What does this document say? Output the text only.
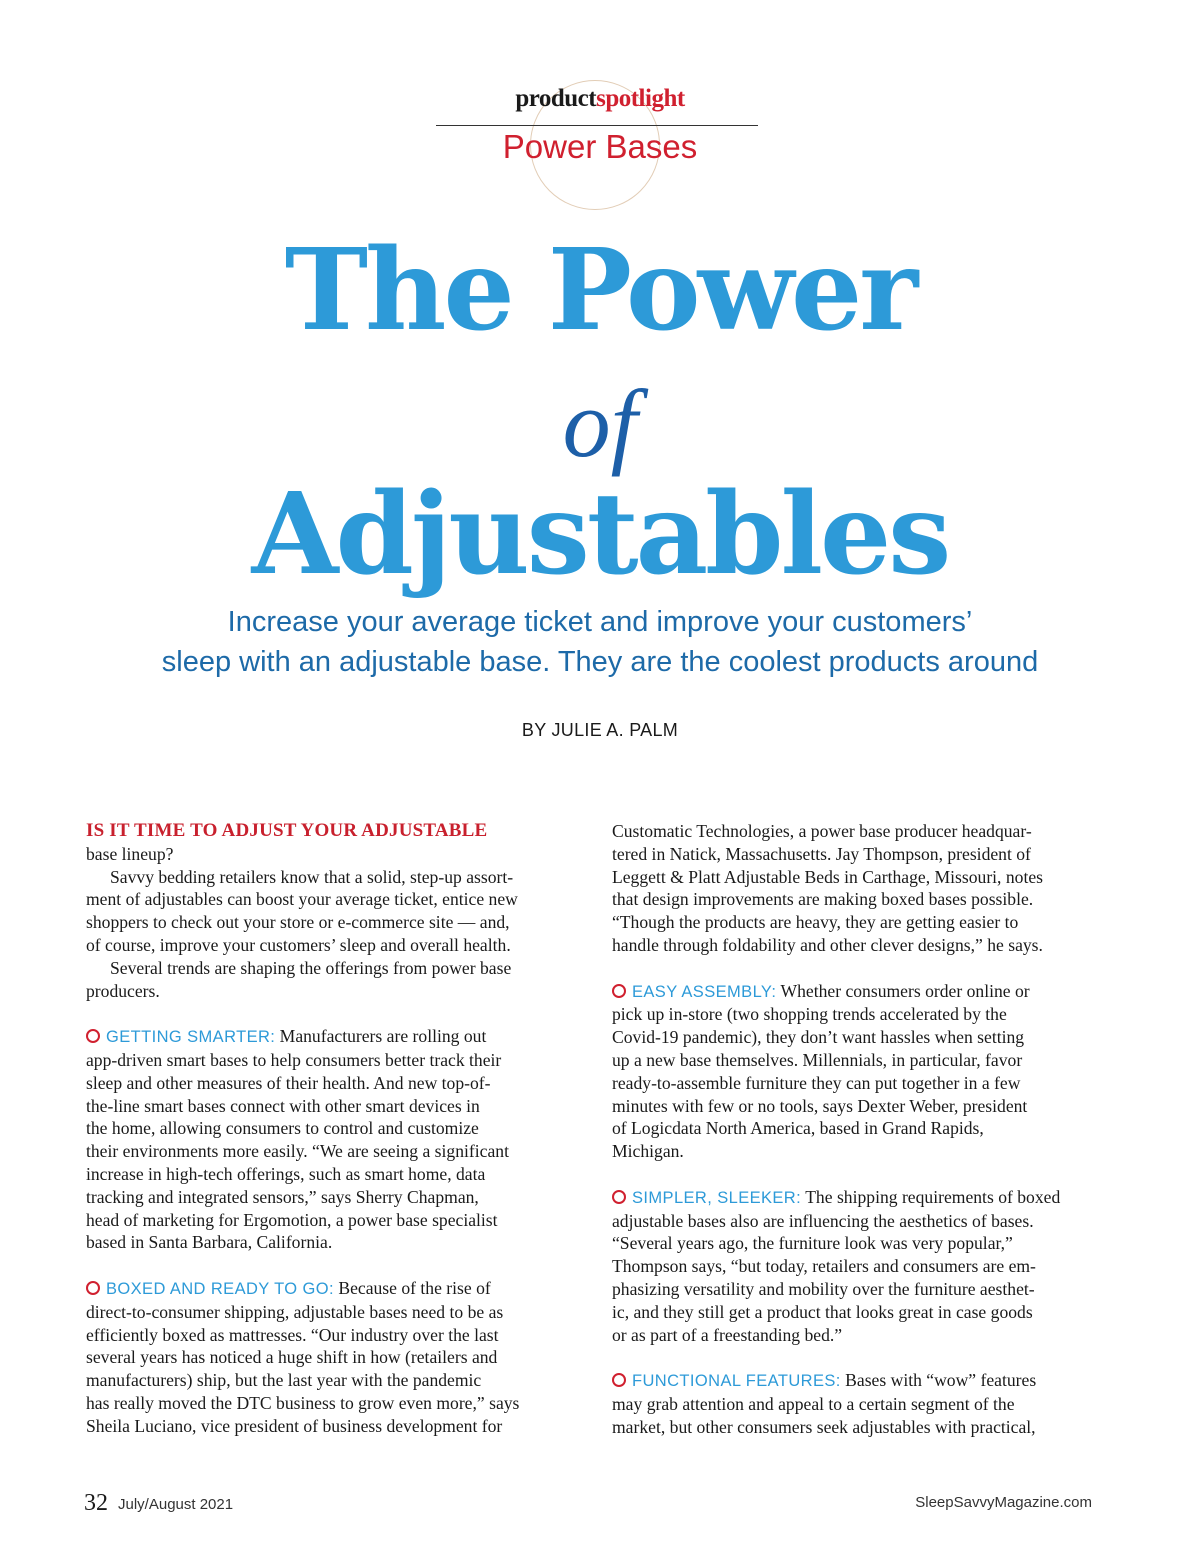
productspotlight
Power Bases
The Power
of
Adjustables
Increase your average ticket and improve your customers’
sleep with an adjustable base. They are the coolest products around
BY JULIE A. PALM
IS IT TIME TO ADJUST YOUR ADJUSTABLE
base lineup?
Savvy bedding retailers know that a solid, step-up assort-
ment of adjustables can boost your average ticket, entice new
shoppers to check out your store or e-commerce site — and,
of course, improve your customers’ sleep and overall health.
Several trends are shaping the offerings from power base
producers.
GETTING SMARTER: Manufacturers are rolling out
app-driven smart bases to help consumers better track their
sleep and other measures of their health. And new top-of-
the-line smart bases connect with other smart devices in
the home, allowing consumers to control and customize
their environments more easily. “We are seeing a significant
increase in high-tech offerings, such as smart home, data
tracking and integrated sensors,” says Sherry Chapman,
head of marketing for Ergomotion, a power base specialist
based in Santa Barbara, California.
BOXED AND READY TO GO: Because of the rise of
direct-to-consumer shipping, adjustable bases need to be as
efficiently boxed as mattresses. “Our industry over the last
several years has noticed a huge shift in how (retailers and
manufacturers) ship, but the last year with the pandemic
has really moved the DTC business to grow even more,” says
Sheila Luciano, vice president of business development for
Customatic Technologies, a power base producer headquar-
tered in Natick, Massachusetts. Jay Thompson, president of
Leggett & Platt Adjustable Beds in Carthage, Missouri, notes
that design improvements are making boxed bases possible.
“Though the products are heavy, they are getting easier to
handle through foldability and other clever designs,” he says.
EASY ASSEMBLY: Whether consumers order online or
pick up in-store (two shopping trends accelerated by the
Covid-19 pandemic), they don’t want hassles when setting
up a new base themselves. Millennials, in particular, favor
ready-to-assemble furniture they can put together in a few
minutes with few or no tools, says Dexter Weber, president
of Logicdata North America, based in Grand Rapids,
Michigan.
SIMPLER, SLEEKER: The shipping requirements of boxed
adjustable bases also are influencing the aesthetics of bases.
“Several years ago, the furniture look was very popular,”
Thompson says, “but today, retailers and consumers are em-
phasizing versatility and mobility over the furniture aesthet-
ic, and they still get a product that looks great in case goods
or as part of a freestanding bed.”
FUNCTIONAL FEATURES: Bases with “wow” features
may grab attention and appeal to a certain segment of the
market, but other consumers seek adjustables with practical,
32 July/August 2021	SleepSavvyMagazine.com
